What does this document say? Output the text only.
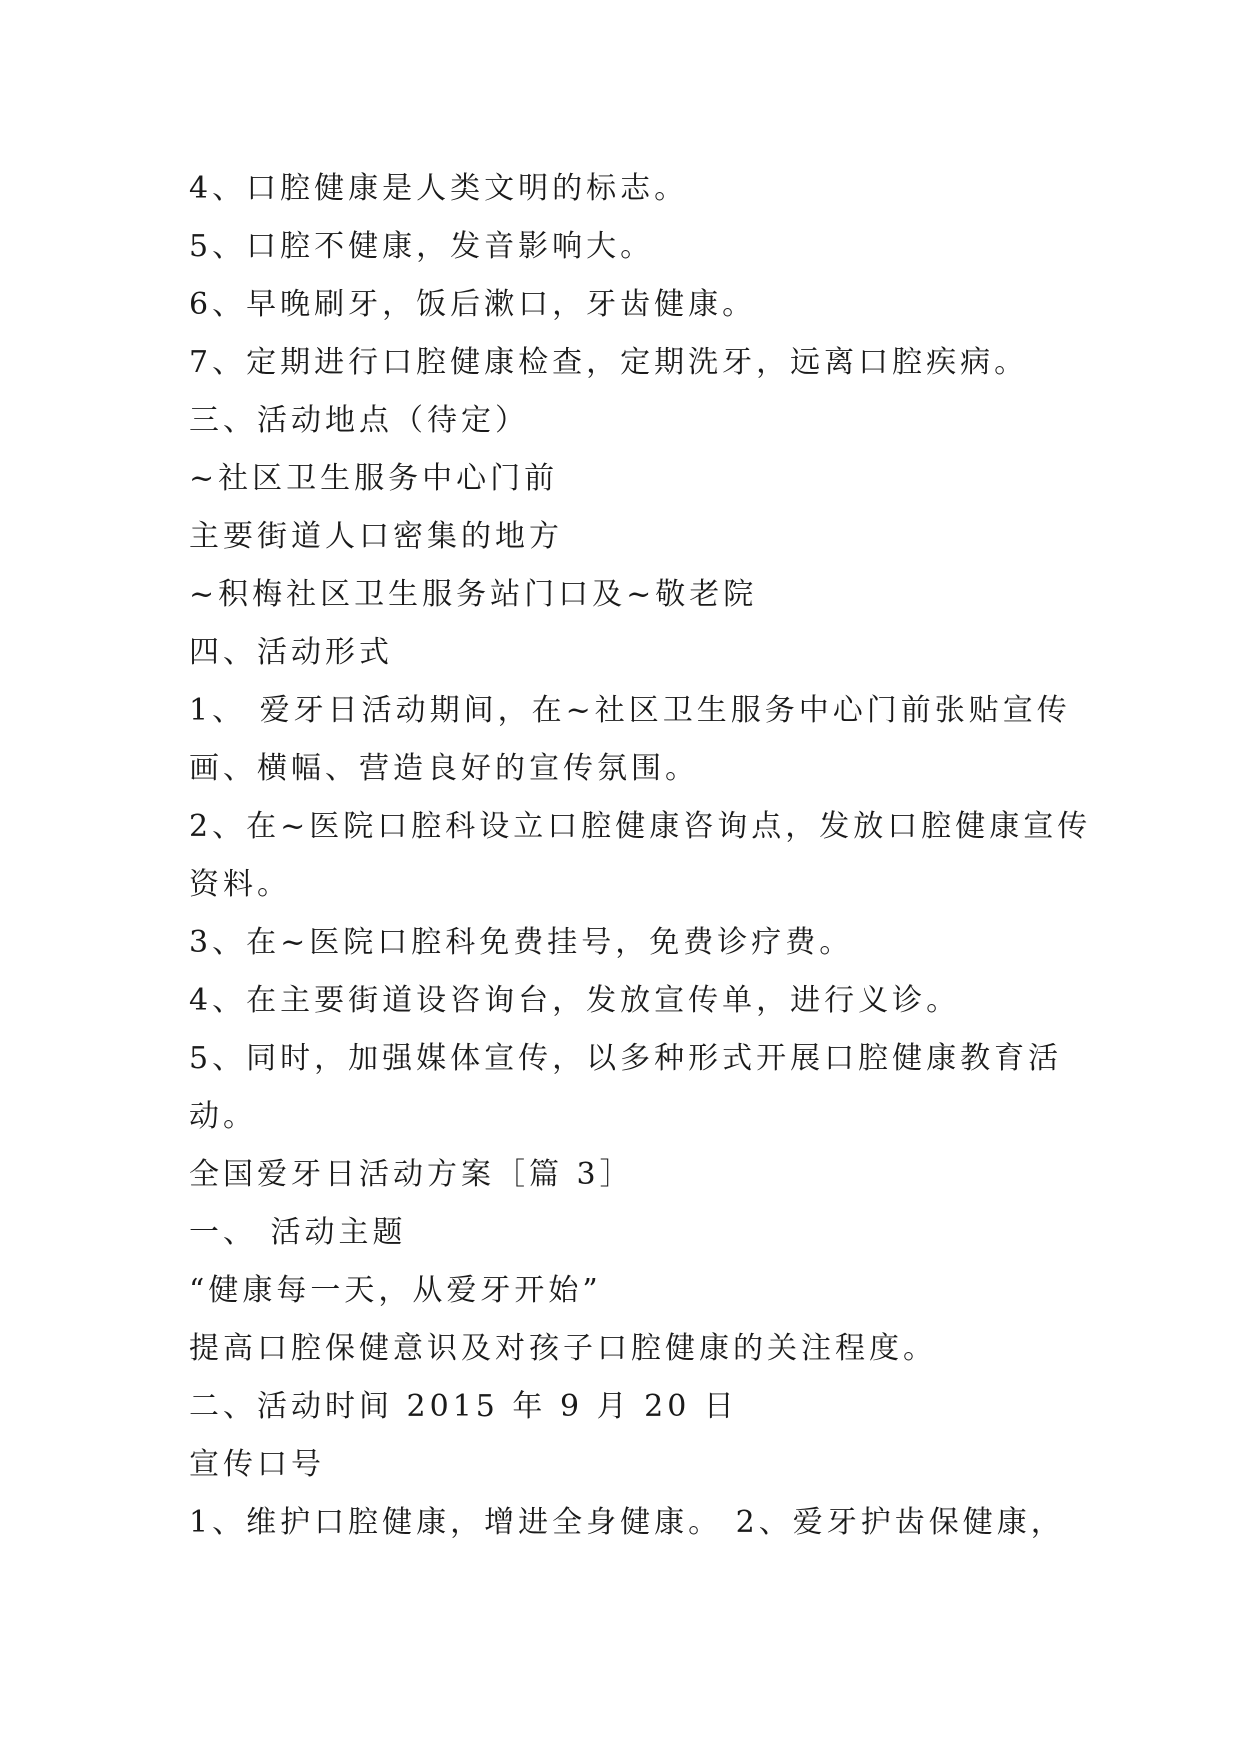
4、口腔健康是人类文明的标志。
5、口腔不健康，发音影响大。
6、早晚刷牙，饭后漱口，牙齿健康。
7、定期进行口腔健康检查，定期洗牙，远离口腔疾病。
三、活动地点（待定）
~社区卫生服务中心门前
主要街道人口密集的地方
~积梅社区卫生服务站门口及~敬老院
四、活动形式
1、 爱牙日活动期间，在~社区卫生服务中心门前张贴宣传
画、横幅、营造良好的宣传氛围。
2、在~医院口腔科设立口腔健康咨询点，发放口腔健康宣传
资料。
3、在~医院口腔科免费挂号，免费诊疗费。
4、在主要街道设咨询台，发放宣传单，进行义诊。
5、同时，加强媒体宣传，以多种形式开展口腔健康教育活
动。
全国爱牙日活动方案［篇 3］
一、 活动主题
“健康每一天，从爱牙开始”
提高口腔保健意识及对孩子口腔健康的关注程度。
二、活动时间 2015 年 9 月 20 日
宣传口号
1、维护口腔健康，增进全身健康。 2、爱牙护齿保健康，
